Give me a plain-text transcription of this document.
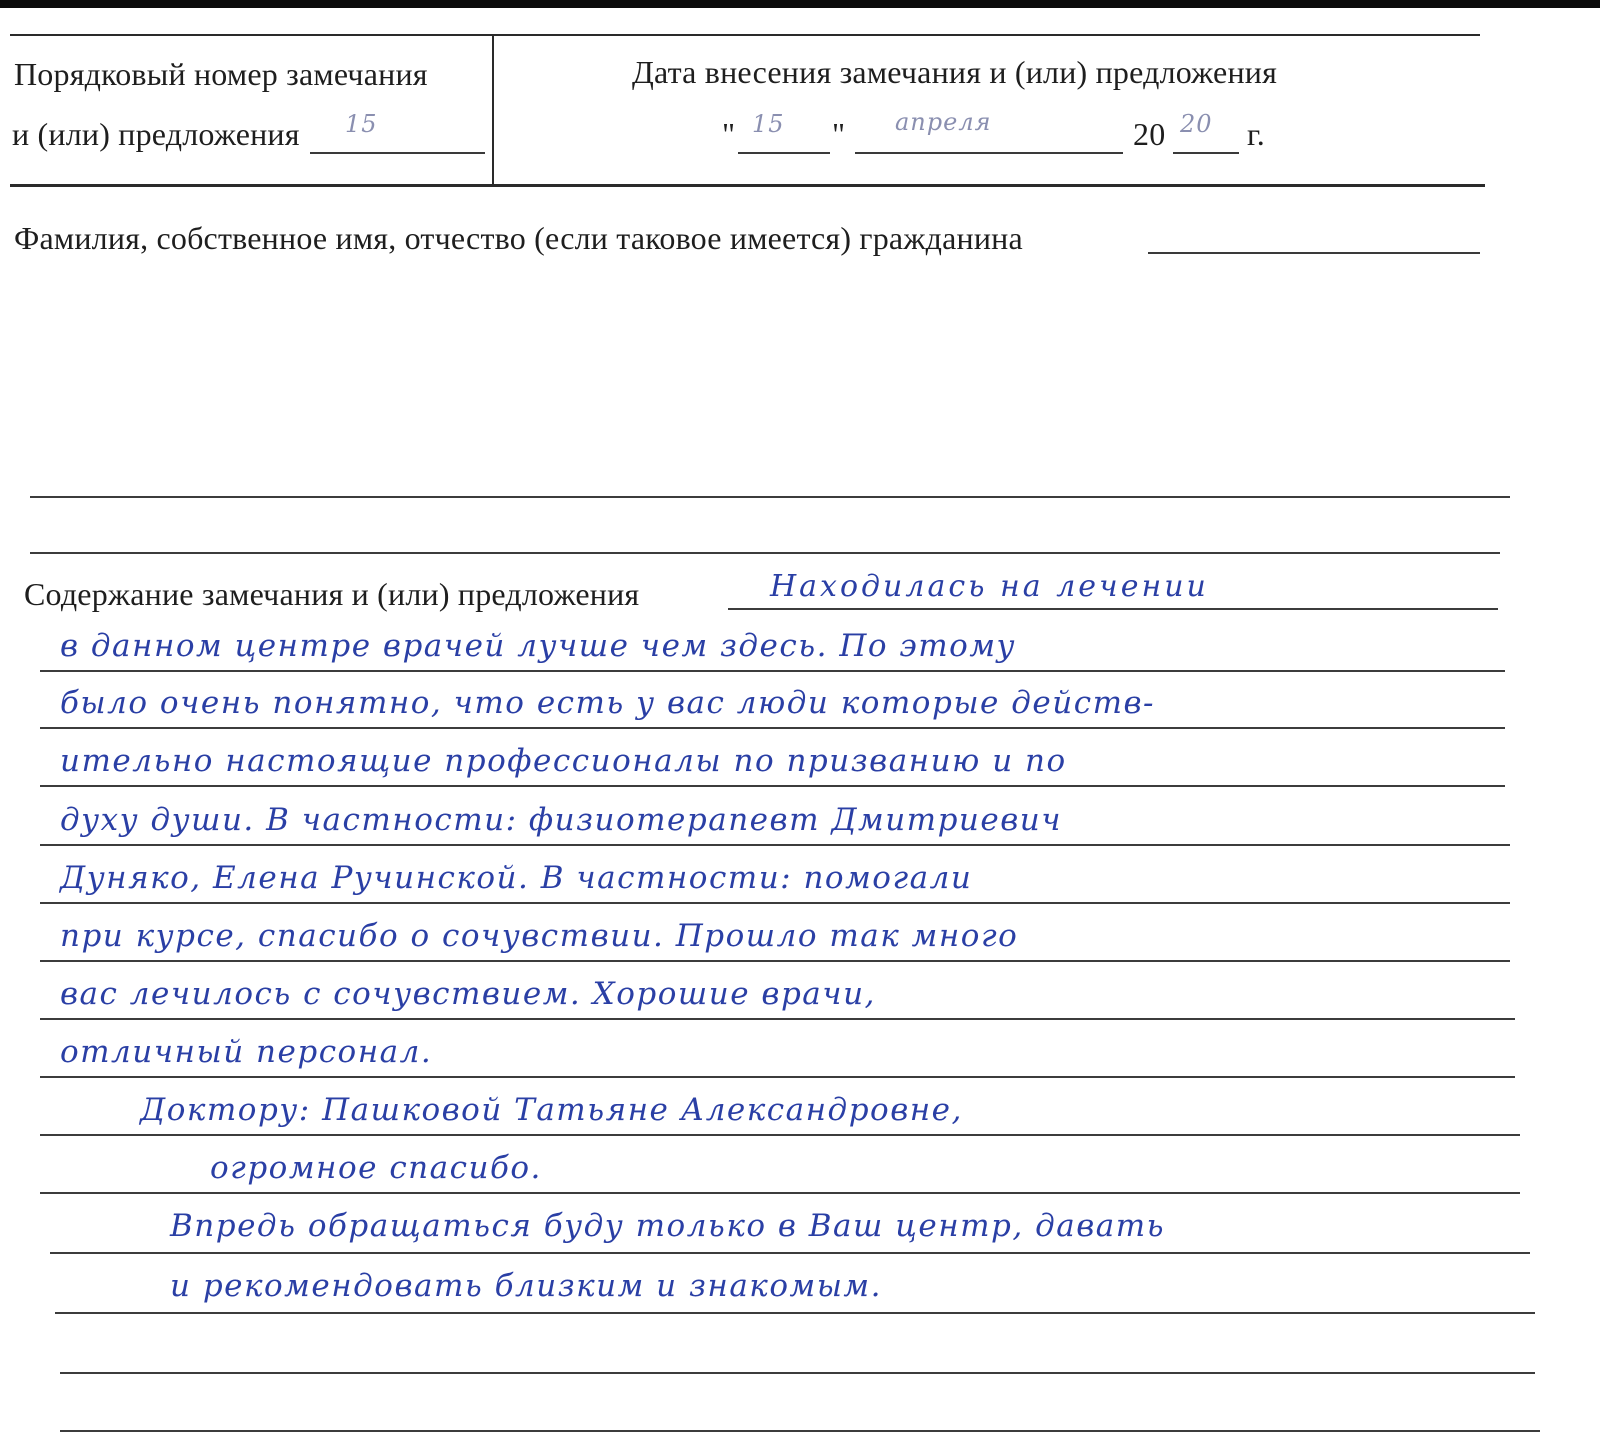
Порядковый номер замечания
и (или) предложения 15
Дата внесения замечания и (или) предложения
" 15 " апреля	20 20 г.
Фамилия, собственное имя, отчество (если таковое имеется) гражданина
Содержание замечания и (или) предложения	Находилась на лечении
в данном центре врачей лучше чем здесь. По этому
было очень понятно, что есть у вас люди которые действ-
ительно настоящие профессионалы по призванию и по
духу души. В частности: физиотерапевт Дмитриевич
Дуняко, Елена Ручинской. В частности: помогали
при курсе, спасибо о сочувствии. Прошло так много
вас лечилось с сочувствием. Хорошие врачи,
отличный персонал.
Доктору: Пашковой Татьяне Александровне,
огромное спасибо.
Впредь обращаться буду только в Ваш центр, давать
и рекомендовать близким и знакомым.
